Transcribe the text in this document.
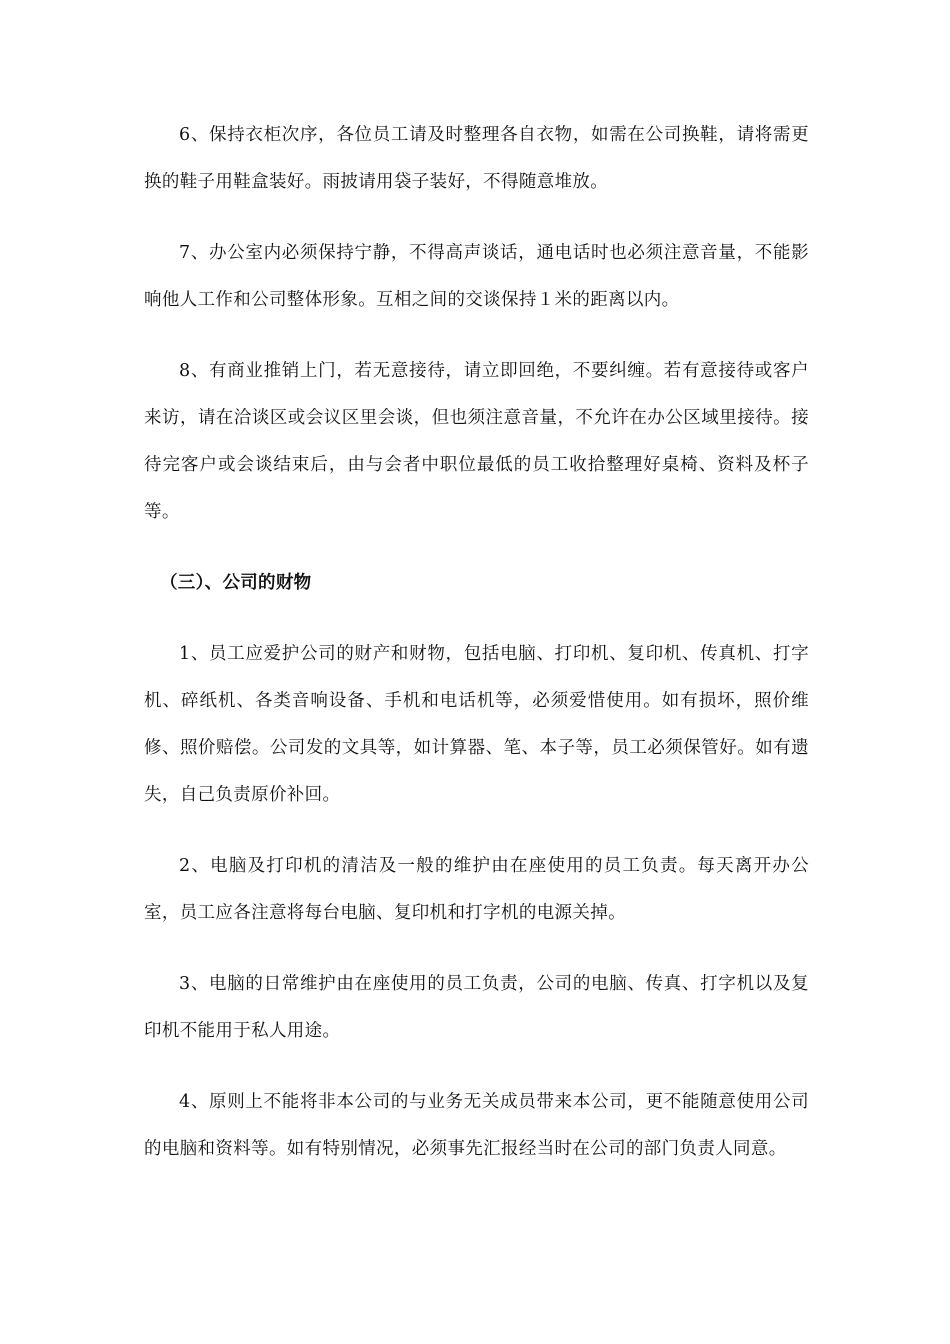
6、保持衣柜次序，各位员工请及时整理各自衣物，如需在公司换鞋，请将需更换的鞋子用鞋盒装好。雨披请用袋子装好，不得随意堆放。

7、办公室内必须保持宁静，不得高声谈话，通电话时也必须注意音量，不能影响他人工作和公司整体形象。互相之间的交谈保持１米的距离以内。

8、有商业推销上门，若无意接待，请立即回绝，不要纠缠。若有意接待或客户来访，请在洽谈区或会议区里会谈，但也须注意音量，不允许在办公区域里接待。接待完客户或会谈结束后，由与会者中职位最低的员工收拾整理好桌椅、资料及杯子等。

（三）、公司的财物

1、员工应爱护公司的财产和财物，包括电脑、打印机、复印机、传真机、打字机、碎纸机、各类音响设备、手机和电话机等，必须爱惜使用。如有损坏，照价维修、照价赔偿。公司发的文具等，如计算器、笔、本子等，员工必须保管好。如有遗失，自己负责原价补回。

2、电脑及打印机的清洁及一般的维护由在座使用的员工负责。每天离开办公室，员工应各注意将每台电脑、复印机和打字机的电源关掉。

3、电脑的日常维护由在座使用的员工负责，公司的电脑、传真、打字机以及复印机不能用于私人用途。

4、原则上不能将非本公司的与业务无关成员带来本公司，更不能随意使用公司的电脑和资料等。如有特别情况，必须事先汇报经当时在公司的部门负责人同意。
